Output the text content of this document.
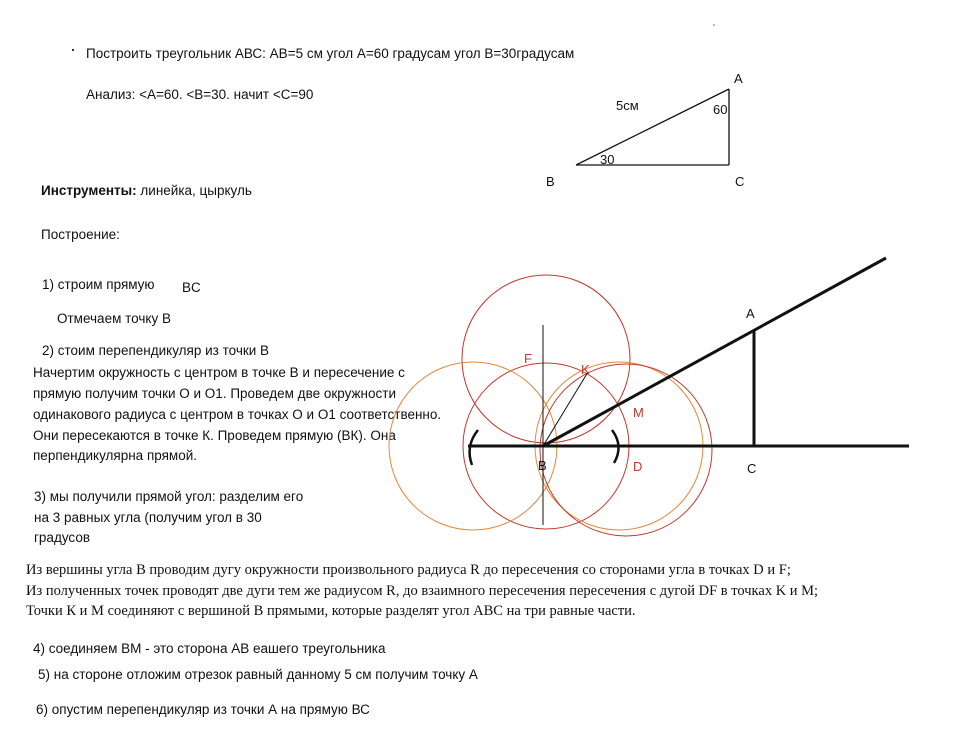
Построить треугольник АВС: АВ=5 см угол А=60 градусам угол В=30градусам
Анализ: <A=60. <B=30. начит <C=90
Инструменты: линейка, цыркуль
Построение:
1) строим прямую BC
Отмечаем точку В
2) стоим перепендикуляр из точки В
Начертим окружность с центром в точке В и пересечение с
прямую получим точки О и О1. Проведем две окружности
одинакового радиуса с центром в точках О и О1 соответственно.
Они пересекаются в точке К. Проведем прямую (ВК). Она
перпендикулярна прямой.
3) мы получили прямой угол: разделим его
на 3 равных угла (получим угол в 30
градусов
Из вершины угла В проводим дугу окружности произвольного радиуса R до пересечения со сторонами угла в точках D и F;
Из полученных точек проводят две дуги тем же радиусом R, до взаимного пересечения пересечения с дугой DF в точках K и M;
Точки К и М соединяют с вершиной В прямыми, которые разделят угол АВС на три равные части.
4) соединяем ВМ - это сторона АВ еашего треугольника
5) на стороне отложим отрезок равный данному 5 см получим точку А
6) опустим перепендикуляр из точки А на прямую ВС
5см	60
30
A
B	C
F
K
M
D
A
B	C
